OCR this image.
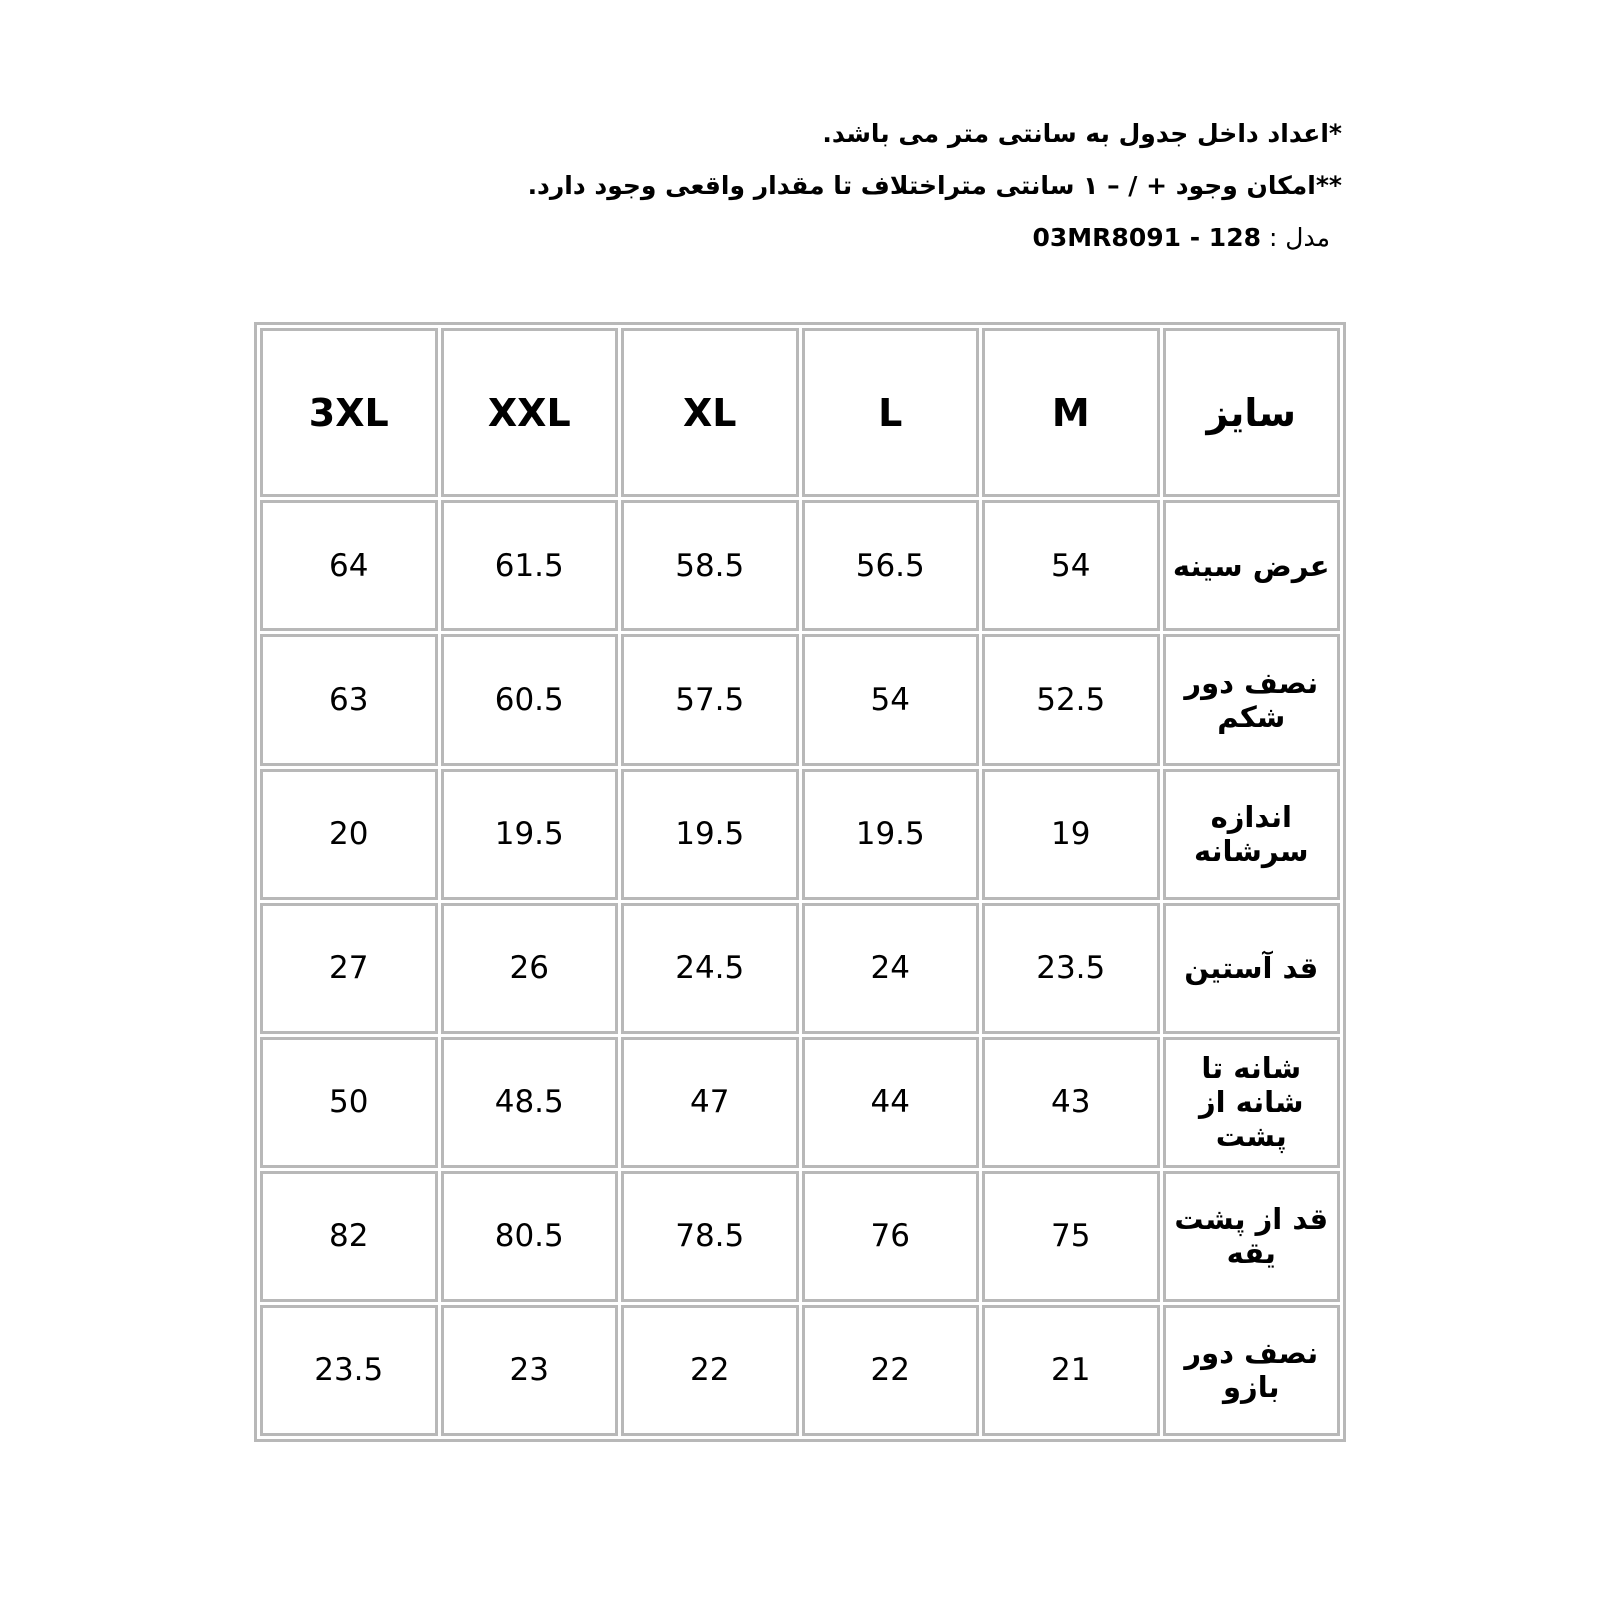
*اعداد داخل جدول به سانتی متر می باشد.
**امکان وجود + / – ۱ سانتی متراختلاف تا مقدار واقعی وجود دارد.
مدل : 03MR8091 - 128
3XL	XXL	XL	L	M	سایز
64	61.5	58.5	56.5	54	عرض سینه
63	60.5	57.5	54	52.5	نصف دور شکم
20	19.5	19.5	19.5	19	اندازه سرشانه
27	26	24.5	24	23.5	قد آستین
50	48.5	47	44	43	شانه تا شانه از پشت
82	80.5	78.5	76	75	قد از پشت یقه
23.5	23	22	22	21	نصف دور بازو
